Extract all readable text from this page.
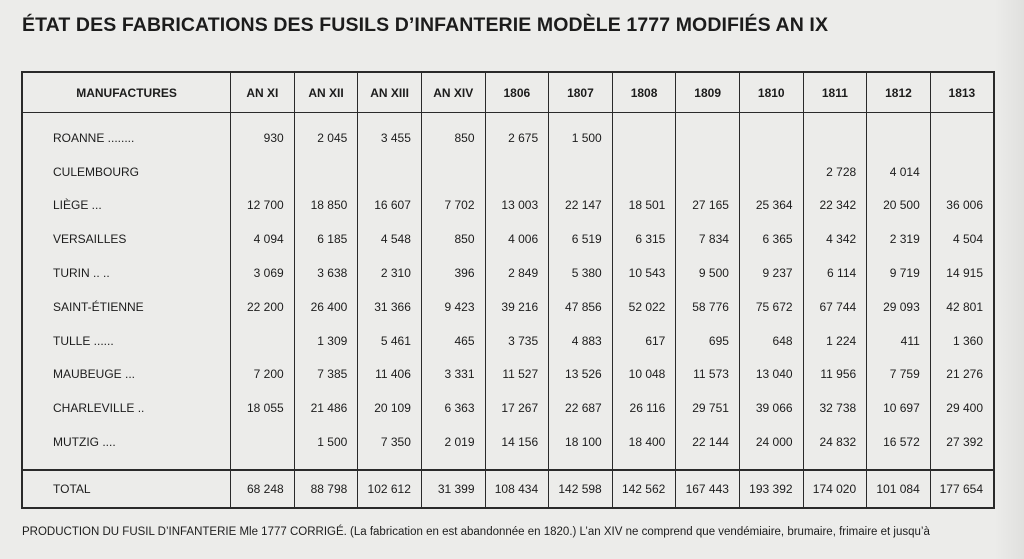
ÉTAT DES FABRICATIONS DES FUSILS D’INFANTERIE MODÈLE 1777 MODIFIÉS AN IX
MANUFACTURES	AN XI	AN XII	AN XIII	AN XIV	1806	1807	1808	1809	1810	1811	1812	1813
ROANNE ........	930	2 045	3 455	850	2 675	1 500						
CULEMBOURG										2 728	4 014	
LIÈGE ...	12 700	18 850	16 607	7 702	13 003	22 147	18 501	27 165	25 364	22 342	20 500	36 006
VERSAILLES	4 094	6 185	4 548	850	4 006	6 519	6 315	7 834	6 365	4 342	2 319	4 504
TURIN .. ..	3 069	3 638	2 310	396	2 849	5 380	10 543	9 500	9 237	6 114	9 719	14 915
SAINT-ÉTIENNE	22 200	26 400	31 366	9 423	39 216	47 856	52 022	58 776	75 672	67 744	29 093	42 801
TULLE ......		1 309	5 461	465	3 735	4 883	617	695	648	1 224	411	1 360
MAUBEUGE ...	7 200	7 385	11 406	3 331	11 527	13 526	10 048	11 573	13 040	11 956	7 759	21 276
CHARLEVILLE ..	18 055	21 486	20 109	6 363	17 267	22 687	26 116	29 751	39 066	32 738	10 697	29 400
MUTZIG ....		1 500	7 350	2 019	14 156	18 100	18 400	22 144	24 000	24 832	16 572	27 392
TOTAL	68 248	88 798	102 612	31 399	108 434	142 598	142 562	167 443	193 392	174 020	101 084	177 654
PRODUCTION DU FUSIL D’INFANTERIE Mle 1777 CORRIGÉ. (La fabrication en est abandonnée en 1820.) L’an XIV ne comprend que vendémiaire, brumaire, frimaire et jusqu’à
